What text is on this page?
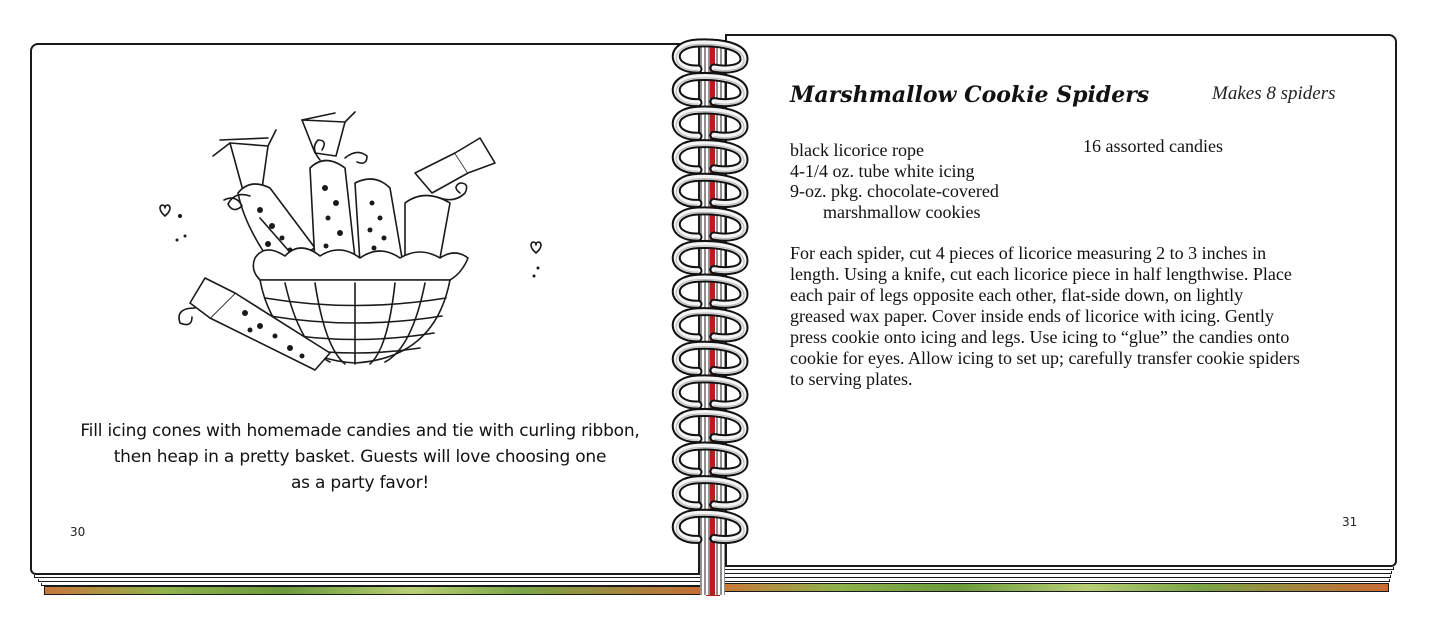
Fill icing cones with homemade candies and tie with curling ribbon,
then heap in a pretty basket. Guests will love choosing one
as a party favor!
30
Marshmallow Cookie Spiders	Makes 8 spiders
black licorice rope
4-1/4 oz. tube white icing
9-oz. pkg. chocolate-covered
marshmallow cookies
16 assorted candies
For each spider, cut 4 pieces of licorice measuring 2 to 3 inches in
length. Using a knife, cut each licorice piece in half lengthwise. Place
each pair of legs opposite each other, flat-side down, on lightly
greased wax paper. Cover inside ends of licorice with icing. Gently
press cookie onto icing and legs. Use icing to “glue” the candies onto
cookie for eyes. Allow icing to set up; carefully transfer cookie spiders
to serving plates.
31
